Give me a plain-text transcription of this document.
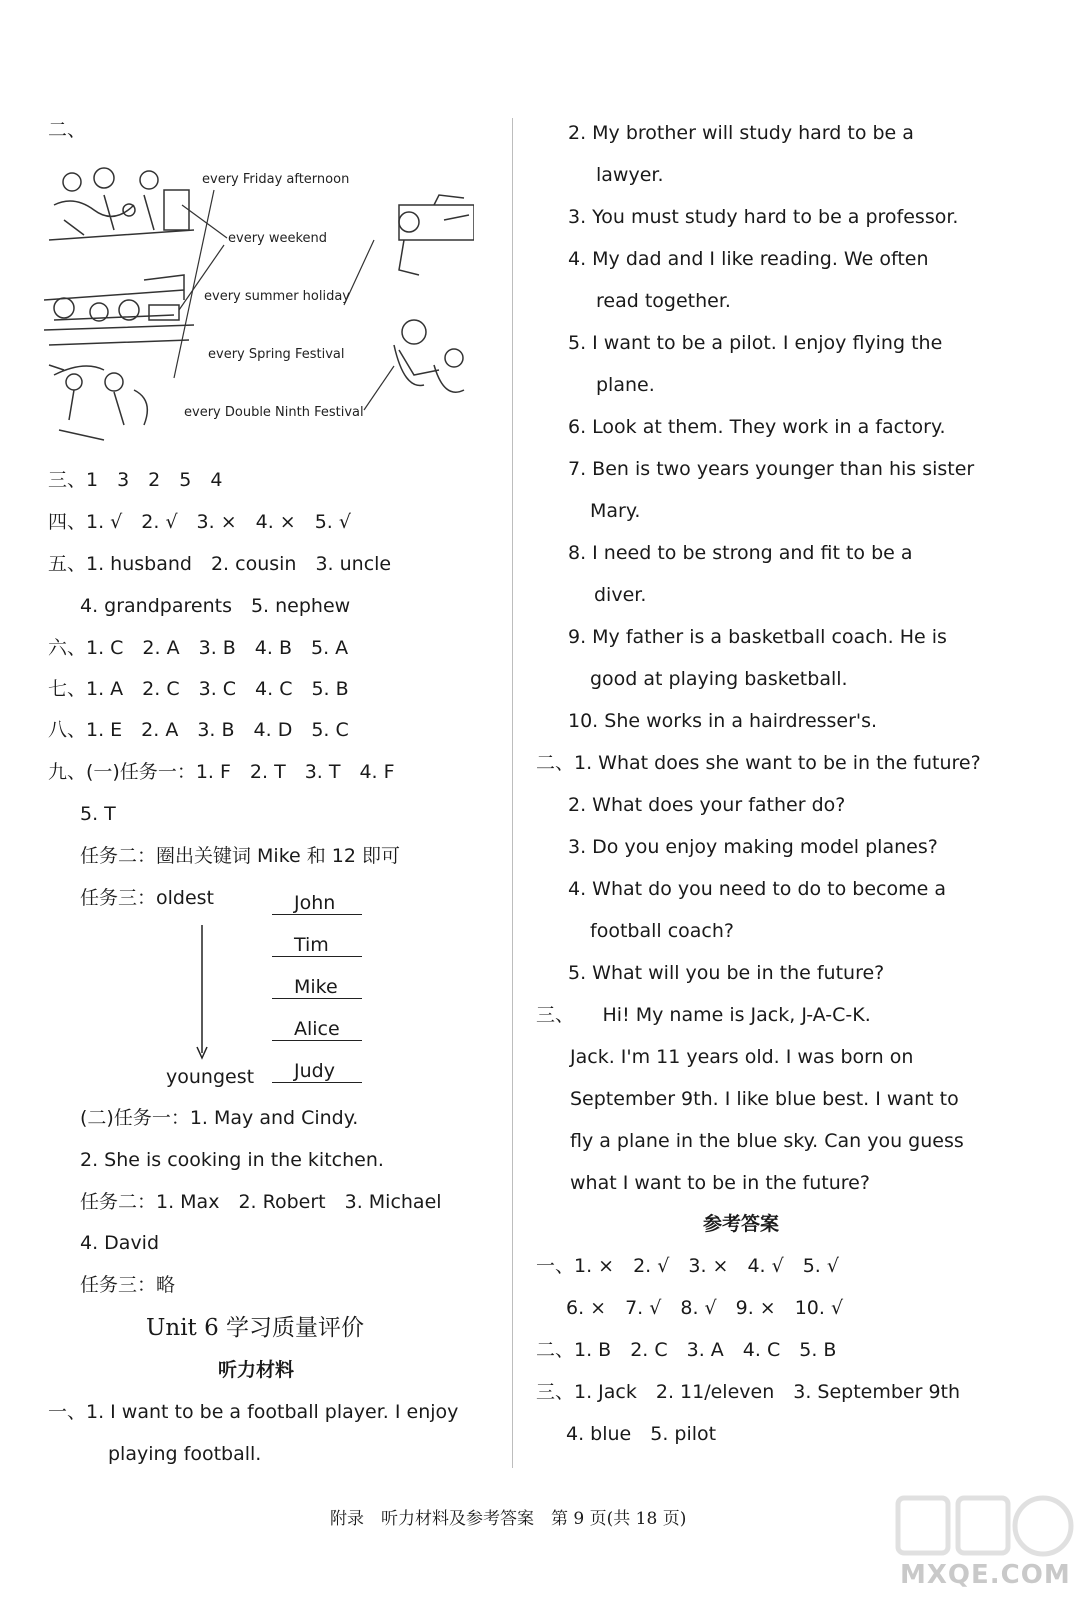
二、
every Friday afternoon
every weekend
every summer holiday
every Spring Festival
every Double Ninth Festival
三、1　3　2　5　4
四、1. √　2. √　3. ×　4. ×　5. √
五、1. husband　2. cousin　3. uncle
4. grandparents　5. nephew
六、1. C　2. A　3. B　4. B　5. A
七、1. A　2. C　3. C　4. C　5. B
八、1. E　2. A　3. B　4. D　5. C
九、(一)任务一：1. F　2. T　3. T　4. F
5. T
任务二：圈出关键词 Mike 和 12 即可
任务三：oldest	John
Tim
Mike
Alice
Judy
youngest
(二)任务一：1. May and Cindy.
2. She is cooking in the kitchen.
任务二：1. Max　2. Robert　3. Michael
4. David
任务三：略
Unit 6 学习质量评价
听力材料
一、1. I want to be a football player. I enjoy
playing football.
2. My brother will study hard to be a
lawyer.
3. You must study hard to be a professor.
4. My dad and I like reading. We often
read together.
5. I want to be a pilot. I enjoy flying the
plane.
6. Look at them. They work in a factory.
7. Ben is two years younger than his sister
Mary.
8. I need to be strong and fit to be a
diver.
9. My father is a basketball coach. He is
good at playing basketball.
10. She works in a hairdresser's.
二、1. What does she want to be in the future?
2. What does your father do?
3. Do you enjoy making model planes?
4. What do you need to do to become a
football coach?
5. What will you be in the future?
三、　　Hi! My name is Jack, J-A-C-K.
Jack. I'm 11 years old. I was born on
September 9th. I like blue best. I want to
fly a plane in the blue sky. Can you guess
what I want to be in the future?
参考答案
一、1. ×　2. √　3. ×　4. √　5. √
6. ×　7. √　8. √　9. ×　10. √
二、1. B　2. C　3. A　4. C　5. B
三、1. Jack　2. 11/eleven　3. September 9th
4. blue　5. pilot
附录　听力材料及参考答案　第 9 页(共 18 页)
MXQE.COM
